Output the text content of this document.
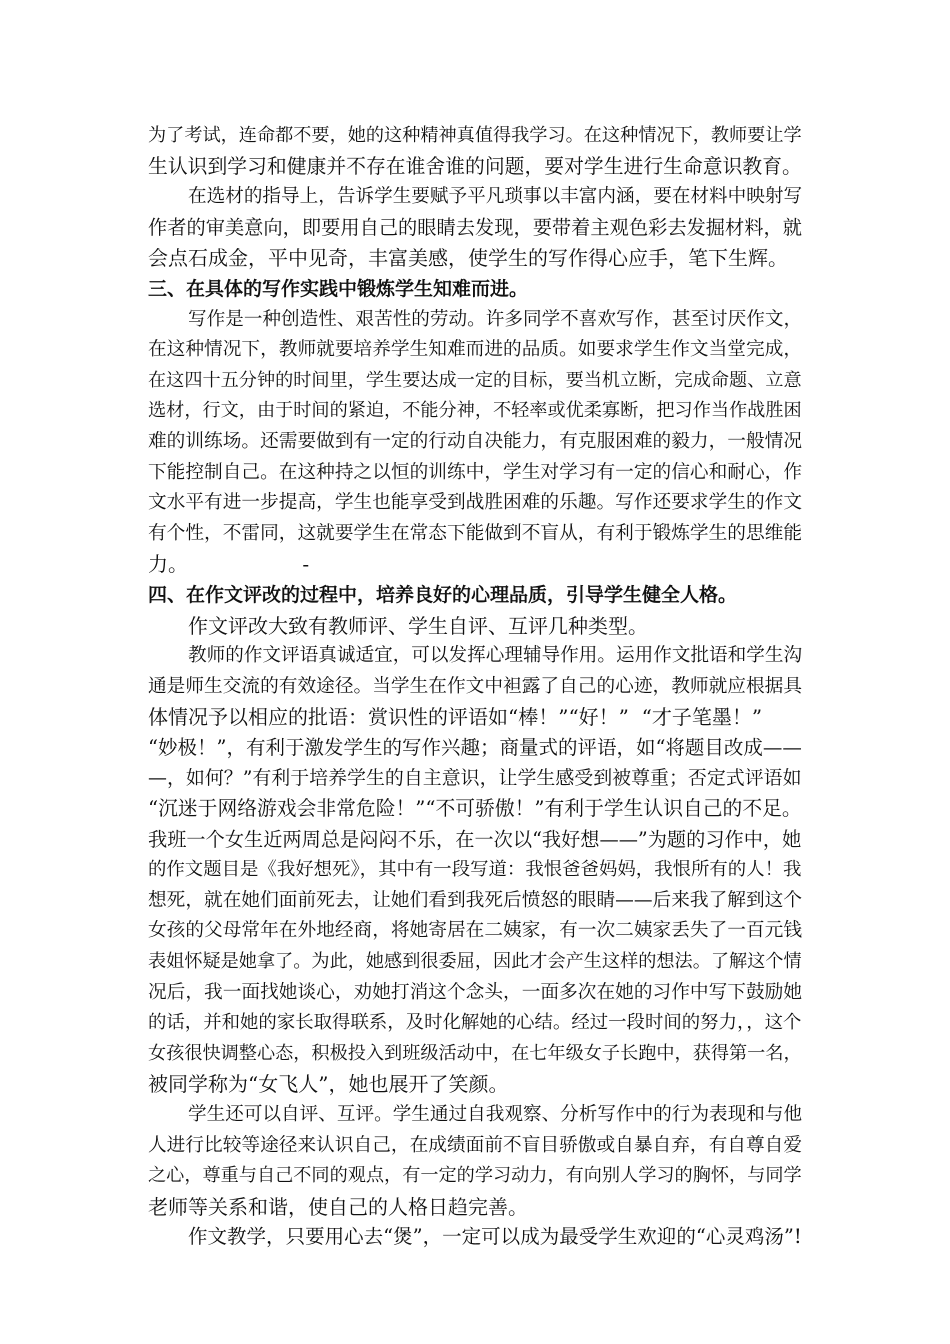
为了考试，连命都不要，她的这种精神真值得我学习。在这种情况下，教师要让学
生认识到学习和健康并不存在谁舍谁的问题，要对学生进行生命意识教育。
在选材的指导上，告诉学生要赋予平凡琐事以丰富内涵，要在材料中映射写
作者的审美意向，即要用自己的眼睛去发现，要带着主观色彩去发掘材料，就
会点石成金，平中见奇，丰富美感，使学生的写作得心应手，笔下生辉。
三、在具体的写作实践中锻炼学生知难而进。
写作是一种创造性、艰苦性的劳动。许多同学不喜欢写作，甚至讨厌作文，
在这种情况下，教师就要培养学生知难而进的品质。如要求学生作文当堂完成，
在这四十五分钟的时间里，学生要达成一定的目标，要当机立断，完成命题、立意
选材，行文，由于时间的紧迫，不能分神，不轻率或优柔寡断，把习作当作战胜困
难的训练场。还需要做到有一定的行动自决能力，有克服困难的毅力，一般情况
下能控制自己。在这种持之以恒的训练中，学生对学习有一定的信心和耐心，作
文水平有进一步提高，学生也能享受到战胜困难的乐趣。写作还要求学生的作文
有个性，不雷同，这就要学生在常态下能做到不盲从，有利于锻炼学生的思维能
力。                  -
四、在作文评改的过程中，培养良好的心理品质，引导学生健全人格。
作文评改大致有教师评、学生自评、互评几种类型。
教师的作文评语真诚适宜，可以发挥心理辅导作用。运用作文批语和学生沟
通是师生交流的有效途径。当学生在作文中袒露了自己的心迹，教师就应根据具
体情况予以相应的批语：赏识性的评语如“棒！”“好！”  “才子笔墨！”
“妙极！”，有利于激发学生的写作兴趣；商量式的评语，如“将题目改成——
—，如何？”有利于培养学生的自主意识，让学生感受到被尊重；否定式评语如
“沉迷于网络游戏会非常危险！”“不可骄傲！”有利于学生认识自己的不足。
我班一个女生近两周总是闷闷不乐，在一次以“我好想——”为题的习作中，她
的作文题目是《我好想死》，其中有一段写道：我恨爸爸妈妈，我恨所有的人！我
想死，就在她们面前死去，让她们看到我死后愤怒的眼睛——后来我了解到这个
女孩的父母常年在外地经商，将她寄居在二姨家，有一次二姨家丢失了一百元钱
表姐怀疑是她拿了。为此，她感到很委屈，因此才会产生这样的想法。了解这个情
况后，我一面找她谈心，劝她打消这个念头，一面多次在她的习作中写下鼓励她
的话，并和她的家长取得联系，及时化解她的心结。经过一段时间的努力，，这个
女孩很快调整心态，积极投入到班级活动中，在七年级女子长跑中，获得第一名，
被同学称为“女飞人”，她也展开了笑颜。
学生还可以自评、互评。学生通过自我观察、分析写作中的行为表现和与他
人进行比较等途径来认识自己，在成绩面前不盲目骄傲或自暴自弃，有自尊自爱
之心，尊重与自己不同的观点，有一定的学习动力，有向别人学习的胸怀，与同学
老师等关系和谐，使自己的人格日趋完善。
作文教学，只要用心去“煲”，一定可以成为最受学生欢迎的“心灵鸡汤”!
